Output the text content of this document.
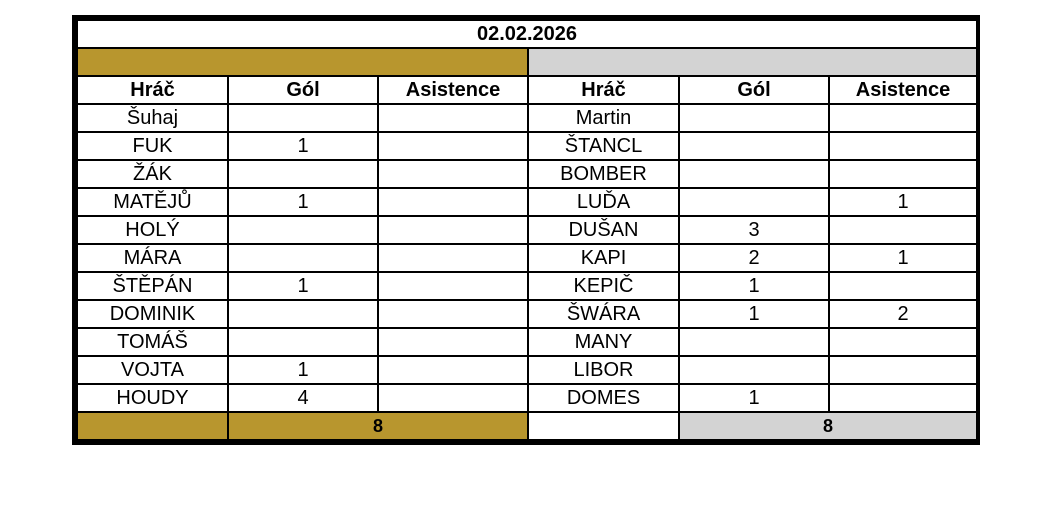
02.02.2026					

Hráč	Gól	Asistence	Hráč	Gól	Asistence
Šuhaj			Martin		
FUK	1		ŠTANCL		
ŽÁK			BOMBER		
MATĚJŮ	1		LUĎA		1
HOLÝ			DUŠAN	3	
MÁRA			KAPI	2	1
ŠTĚPÁN	1		KEPIČ	1	
DOMINIK			ŠWÁRA	1	2
TOMÁŠ			MANY		
VOJTA	1		LIBOR		
HOUDY	4		DOMES	1	
	8			8	
